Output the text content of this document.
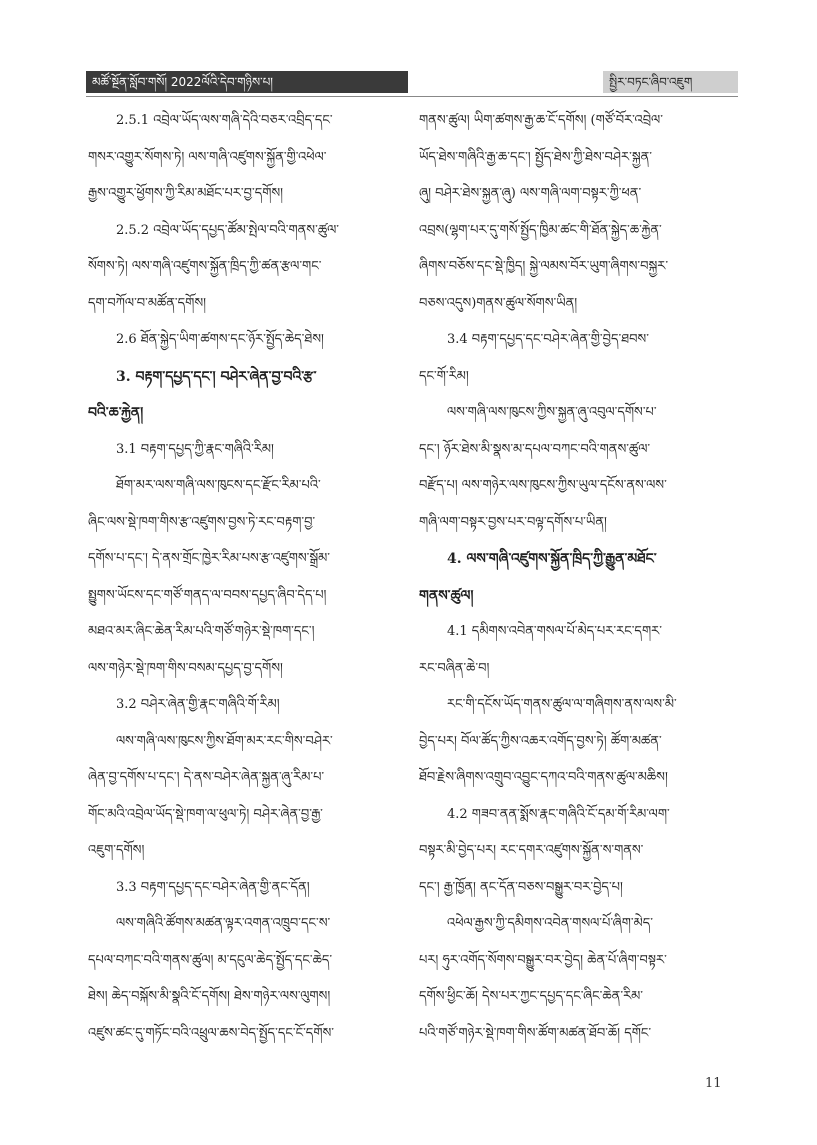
མཚོ་སྔོན་སློབ་གསོ། 2022ལོའི་དེབ་གཉིས་པ།	སྤྱིར་བཏང་ཞིབ་འཇུག
2.5.1 འབྲེལ་ཡོད་ལས་གཞི་དེའི་བཅར་འབྲིད་དང་
གསར་འགྱུར་སོགས་ཏེ། ལས་གཞི་འཛུགས་སྐྱོན་གྱི་འཕེལ་
རྒྱས་འགྱུར་ཕྱོགས་ཀྱི་རིམ་མཐོང་པར་བྱ་དགོས།
2.5.2 འབྲེལ་ཡོད་དཔྱད་ཚོམ་སྤེལ་བའི་གནས་ཚུལ་
སོགས་ཏེ། ལས་གཞི་འཛུགས་སྐྱོན་ཁྲིད་ཀྱི་ཚན་རྩལ་གང་
དག་བཀོལ་བ་མཚོན་དགོས།
2.6 ཐོན་སྐྱེད་ཡིག་ཚགས་དང་ཉོར་སྤྱོད་ཆེད་ཐེས།
3. བརྟག་དཔྱད་དང་། བཤེར་ཞེན་བྱ་བའི་རྩ་
བའི་ཆ་རྐྱེན།
3.1 བརྟག་དཔྱད་ཀྱི་རྣང་གཞིའི་རིམ།
ཐོག་མར་ལས་གཞི་ལས་ཁུངས་དང་རྫོང་རིམ་པའི་
ཞིང་ལས་སྡེ་ཁག་གིས་རྩ་འཛུགས་བྱས་ཏེ་རང་བརྟག་བྱ་
དགོས་པ་དང་། དེ་ནས་གྲོང་ཁྱེར་རིམ་པས་རྩ་འཛུགས་སྒྲོམ་
སྤྱུགས་ཡོངས་དང་གཙོ་གནད་ལ་བབས་དཔྱད་ཞིབ་དེད་པ།
མཐའ་མར་ཞིང་ཆེན་རིམ་པའི་གཙོ་གཉེར་སྡེ་ཁག་དང་།
ལས་གཉེར་སྡེ་ཁག་གིས་བསམ་དཔྱད་བྱ་དགོས།
3.2 བཤེར་ཞེན་གྱི་རྣང་གཞིའི་གོ་རིམ།
ལས་གཞི་ལས་ཁུངས་ཀྱིས་ཐོག་མར་རང་གིས་བཤེར་
ཞེན་བྱ་དགོས་པ་དང་། དེ་ནས་བཤེར་ཞེན་སྐྱན་ཞུ་རིམ་པ་
གོང་མའི་འབྲེལ་ཡོད་སྡེ་ཁག་ལ་ཕུལ་ཏེ། བཤེར་ཞེན་བྱ་རྒྱ་
འཇུག་དགོས།
3.3 བརྟག་དཔྱད་དང་བཤེར་ཞེན་གྱི་ནང་དོན།
ལས་གཞིའི་ཚོགས་མཚན་ལྟར་འགན་འཁྲུབ་དང་ས་
དཔལ་བཀང་བའི་གནས་ཚུལ། མ་དངུལ་ཆེད་སྤྱོད་དང་ཆེད་
ཐེས། ཆེད་བསྐོས་མི་སྣའི་ངོ་དགོས། ཐེས་གཉེར་ལས་ལུགས།
འཛུས་ཚང་དུ་གཏོང་བའི་འཕྲུལ་ཆས་བེད་སྤྱོད་དང་ངོ་དགོས་
གནས་ཚུལ། ཡིག་ཚགས་རྒྱ་ཆ་ངོ་དགོས། (གཙོ་བོར་འབྲེལ་
ཡོད་ཐེས་གཞིའི་རྒྱ་ཆ་དང་། སྤྱོད་ཐེས་ཀྱི་ཐེས་བཤེར་སྐྱན་
ཞུ། བཤེར་ཐེས་སྐྱན་ཞུ) ལས་གཞི་ལག་བསྟར་ཀྱི་ཕན་
འབྲས(ལྷག་པར་དུ་གསོ་སྤྱོད་ཁྱིམ་ཚང་གི་ཐོན་སྐྱེད་ཆ་རྐྱེན་
ཞིགས་བཅོས་དང་སྡེ་ཁྱིད། སྐྱེ་ལམས་བོར་ཡུག་ཞིགས་བསྐྱར་
བཅས་འདུས)གནས་ཚུལ་སོགས་ཡིན།
3.4 བརྟག་དཔྱད་དང་བཤེར་ཞེན་གྱི་བྱེད་ཐབས་
དང་གོ་རིམ།
ལས་གཞི་ལས་ཁུངས་ཀྱིས་སྐྱན་ཞུ་འབུལ་དགོས་པ་
དང་། ཉོར་ཐེས་མི་སྣས་མ་དཔལ་བཀང་བའི་གནས་ཚུལ་
བརྫོད་པ། ལས་གཉེར་ལས་ཁུངས་ཀྱིས་ཡུལ་དངོས་ནས་ལས་
གཞི་ལག་བསྟར་བྱས་པར་བལྟ་དགོས་པ་ཡིན།
4. ལས་གཞི་འཛུགས་སྐྱོན་ཁྲིད་ཀྱི་རྒྱུན་མཐོང་
གནས་ཚུལ།
4.1 དམིགས་འབེན་གསལ་པོ་མེད་པར་རང་དགར་
རང་བཞིན་ཆེ་བ།
རང་གི་དངོས་ཡོད་གནས་ཚུལ་ལ་གཞིགས་ནས་ལས་མི་
བྱེད་པར། བོལ་ཚོད་ཀྱིས་འཆར་འགོད་བྱས་ཏེ། ཚོག་མཚན་
ཐོབ་རྗེས་ཞིགས་འགྲུབ་འབྱུང་དཀའ་བའི་གནས་ཚུལ་མཆིས།
4.2 གཟབ་ནན་སྨོས་རྣང་གཞིའི་ངོ་དམ་གོ་རིམ་ལག་
བསྟར་མི་བྱེད་པར། རང་དགར་འཛུགས་སྐྱོན་ས་གནས་
དང་། རྒྱ་ཁྱོན། ནང་དོན་བཅས་བསྒྱུར་བར་བྱེད་པ།
འཕེལ་རྒྱས་ཀྱི་དམིགས་འབེན་གསལ་པོ་ཞིག་མེད་
པར། ཧུར་འགོད་སོགས་བསྒྱུར་བར་བྱེད། ཆེན་པོ་ཞིག་བསྟར་
དགོས་ཕྱིང་ཆོ། དེས་པར་ཀྱང་དཔྱད་དང་ཞིང་ཆེན་རིམ་
པའི་གཙོ་གཉེར་སྡེ་ཁག་གིས་ཚོག་མཚན་ཐོབ་ཆོ། དགོང་
11
